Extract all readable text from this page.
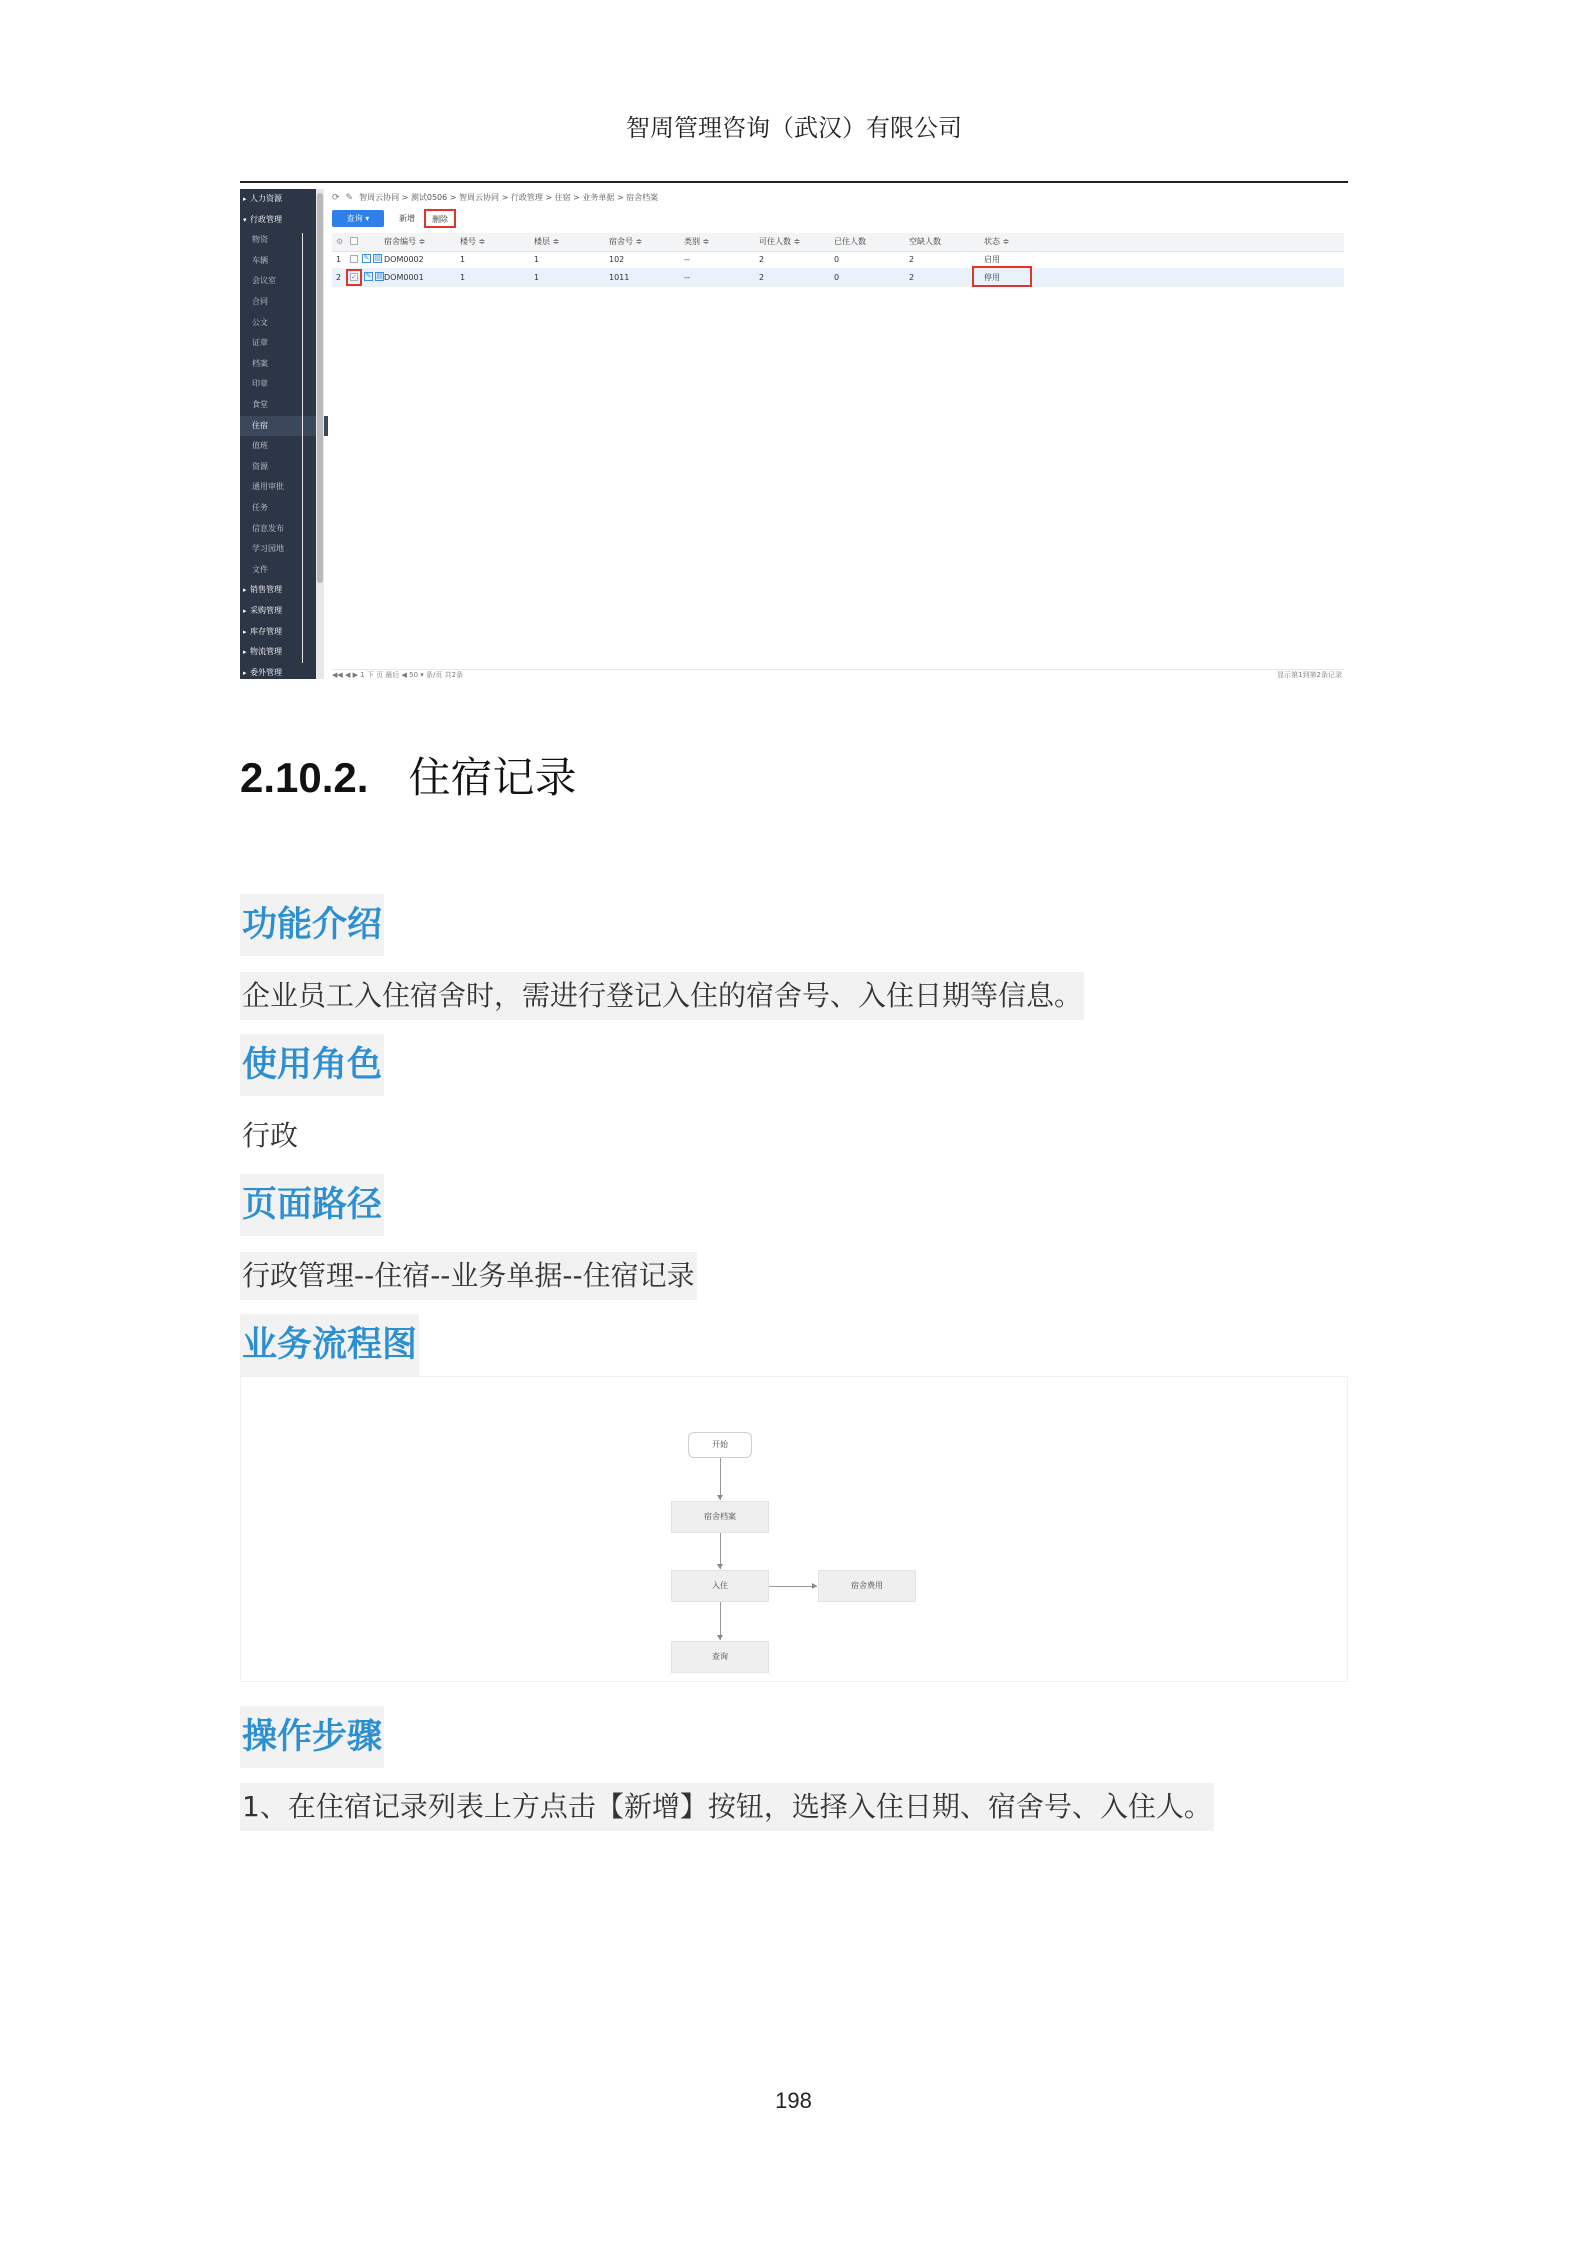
智周管理咨询（武汉）有限公司
▸ 人力资源
▾ 行政管理
物资
车辆
会议室
合同
公文
证章
档案
印章
食堂
住宿
值班
资源
通用审批
任务
信息发布
学习园地
文件
▸ 销售管理
▸ 采购管理
▸ 库存管理
▸ 物流管理
▸ 委外管理
⟳ ✎ 智周云协同 > 测试0506 > 智周云协同 > 行政管理 > 住宿 > 业务单据 > 宿舍档案
查询 ▾	新增	删除
⚙	宿舍编号 ≑	楼号 ≑	楼层 ≑	宿舍号 ≑	类别 ≑	可住人数 ≑	已住人数	空缺人数	状态 ≑
1	✎ ▤ DOM0002	1	1	102	--	2	0	2	启用
2 ✓ ✎ ▤ DOM0001	1	1	1011	--	2	0	2	停用
◀◀ ◀ ▶ 1 下 页 最后 ◀ 50 ▾ 条/页 共2条	显示第1到第2条记录
2.10.2. 住宿记录
功能介绍
企业员工入住宿舍时，需进行登记入住的宿舍号、入住日期等信息。
使用角色
行政
页面路径
行政管理--住宿--业务单据--住宿记录
业务流程图
开始
宿舍档案
入住	宿舍费用
查询
操作步骤
1、在住宿记录列表上方点击【新增】按钮，选择入住日期、宿舍号、入住人。
198
